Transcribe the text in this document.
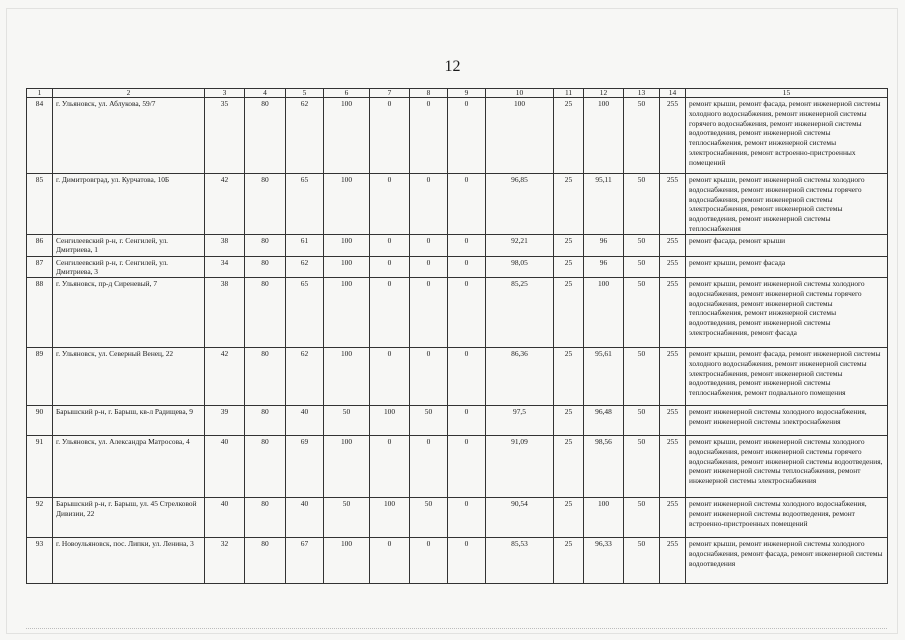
12
1	2	3	4	5	6	7	8	9	10	11	12	13	14	15
84	г. Ульяновск, ул. Аблукова, 59/7	35	80	62	100	0	0	0	100	25	100	50	255	ремонт крыши, ремонт фасада, ремонт инженерной системы холодного водоснабжения, ремонт инженерной системы горячего водоснабжения, ремонт инженерной системы водоотведения, ремонт инженерной системы теплоснабжения, ремонт инженерной системы электроснабжения, ремонт встроенно-пристроенных помещений
85	г. Димитровград, ул. Курчатова, 10Б	42	80	65	100	0	0	0	96,85	25	95,11	50	255	ремонт крыши, ремонт инженерной системы холодного водоснабжения, ремонт инженерной системы горячего водоснабжения, ремонт инженерной системы электроснабжения, ремонт инженерной системы водоотведения, ремонт инженерной системы теплоснабжения
86	Сенгилеевский р-н, г. Сенгилей, ул. Дмитриева, 1	38	80	61	100	0	0	0	92,21	25	96	50	255	ремонт фасада, ремонт крыши
87	Сенгилеевский р-н, г. Сенгилей, ул. Дмитриева, 3	34	80	62	100	0	0	0	98,05	25	96	50	255	ремонт крыши, ремонт фасада
88	г. Ульяновск, пр-д Сиреневый, 7	38	80	65	100	0	0	0	85,25	25	100	50	255	ремонт крыши, ремонт инженерной системы холодного водоснабжения, ремонт инженерной системы горячего водоснабжения, ремонт инженерной системы теплоснабжения, ремонт инженерной системы водоотведения, ремонт инженерной системы электроснабжения, ремонт фасада
89	г. Ульяновск, ул. Северный Венец, 22	42	80	62	100	0	0	0	86,36	25	95,61	50	255	ремонт крыши, ремонт фасада, ремонт инженерной системы холодного водоснабжения, ремонт инженерной системы электроснабжения, ремонт инженерной системы водоотведения, ремонт инженерной системы теплоснабжения, ремонт подвального помещения
90	Барышский р-н, г. Барыш, кв-л Радищева, 9	39	80	40	50	100	50	0	97,5	25	96,48	50	255	ремонт инженерной системы холодного водоснабжения, ремонт инженерной системы электроснабжения
91	г. Ульяновск, ул. Александра Матросова, 4	40	80	69	100	0	0	0	91,09	25	98,56	50	255	ремонт крыши, ремонт инженерной системы холодного водоснабжения, ремонт инженерной системы горячего водоснабжения, ремонт инженерной системы водоотведения, ремонт инженерной системы теплоснабжения, ремонт инженерной системы электроснабжения
92	Барышский р-н, г. Барыш, ул. 45 Стрелковой Дивизии, 22	40	80	40	50	100	50	0	90,54	25	100	50	255	ремонт инженерной системы холодного водоснабжения, ремонт инженерной системы водоотведения, ремонт встроенно-пристроенных помещений
93	г. Новоульяновск, пос. Липки, ул. Ленина, 3	32	80	67	100	0	0	0	85,53	25	96,33	50	255	ремонт крыши, ремонт инженерной системы холодного водоснабжения, ремонт фасада, ремонт инженерной системы водоотведения
